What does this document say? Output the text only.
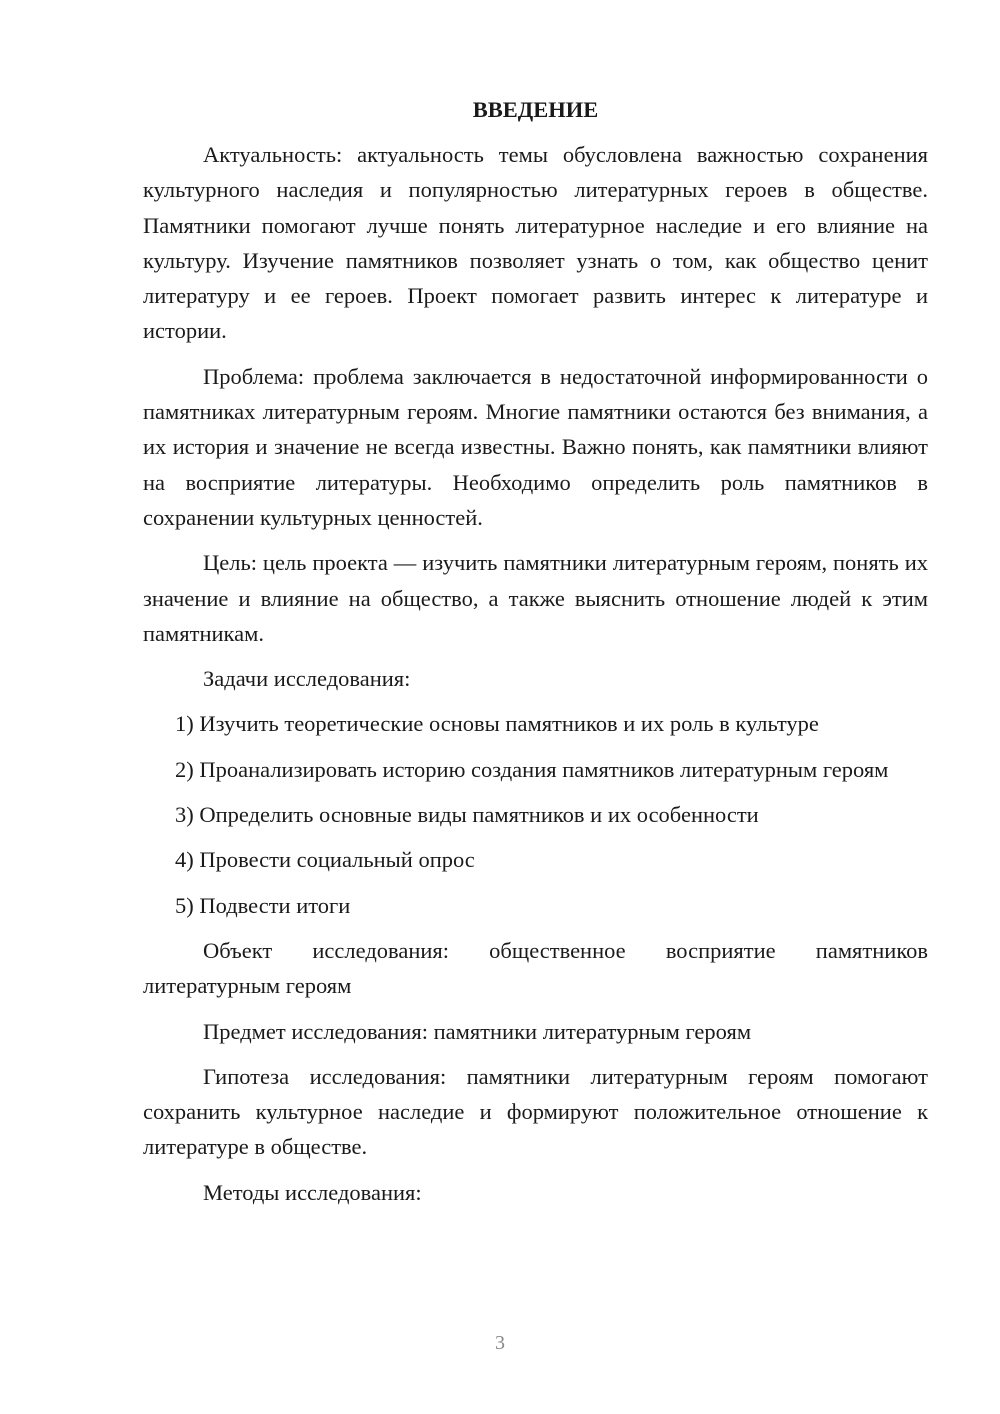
ВВЕДЕНИЕ

Актуальность: актуальность темы обусловлена важностью сохранения культурного наследия и популярностью литературных героев в обществе. Памятники помогают лучше понять литературное наследие и его влияние на культуру. Изучение памятников позволяет узнать о том, как общество ценит литературу и ее героев. Проект помогает развить интерес к литературе и истории.

Проблема: проблема заключается в недостаточной информированности о памятниках литературным героям. Многие памятники остаются без внимания, а их история и значение не всегда известны. Важно понять, как памятники влияют на восприятие литературы. Необходимо определить роль памятников в сохранении культурных ценностей.

Цель: цель проекта — изучить памятники литературным героям, понять их значение и влияние на общество, а также выяснить отношение людей к этим памятникам.

Задачи исследования:

1) Изучить теоретические основы памятников и их роль в культуре

2) Проанализировать историю создания памятников литературным героям

3) Определить основные виды памятников и их особенности

4) Провести социальный опрос

5) Подвести итоги

Объект исследования: общественное восприятие памятников литературным героям

Предмет исследования: памятники литературным героям

Гипотеза исследования: памятники литературным героям помогают сохранить культурное наследие и формируют положительное отношение к литературе в обществе.

Методы исследования:

3
